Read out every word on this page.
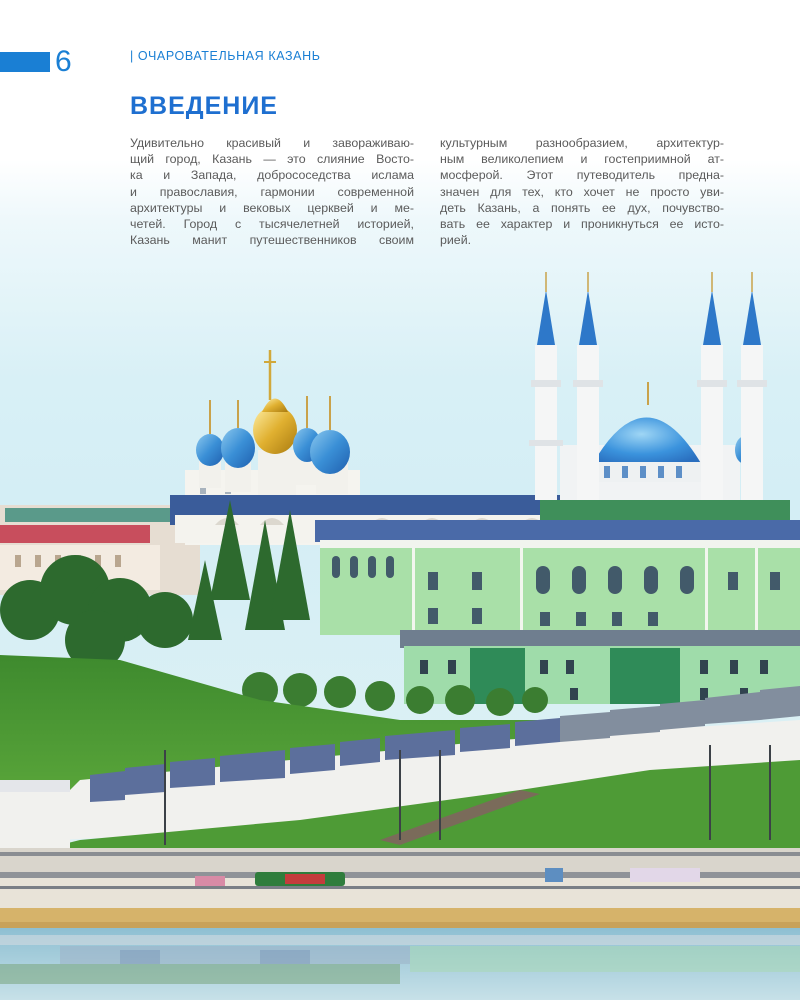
6	| ОЧАРОВАТЕЛЬНАЯ КАЗАНЬ
ВВЕДЕНИЕ
Удивительно красивый и завораживаю-
щий город, Казань — это слияние Восто-
ка и Запада, добрососедства ислама
и православия, гармонии современной
архитектуры и вековых церквей и ме-
четей. Город с тысячелетней историей,
Казань манит путешественников своим
культурным разнообразием, архитектур-
ным великолепием и гостеприимной ат-
мосферой. Этот путеводитель предна-
значен для тех, кто хочет не просто уви-
деть Казань, а понять ее дух, почувство-
вать ее характер и проникнуться ее исто-
рией.
